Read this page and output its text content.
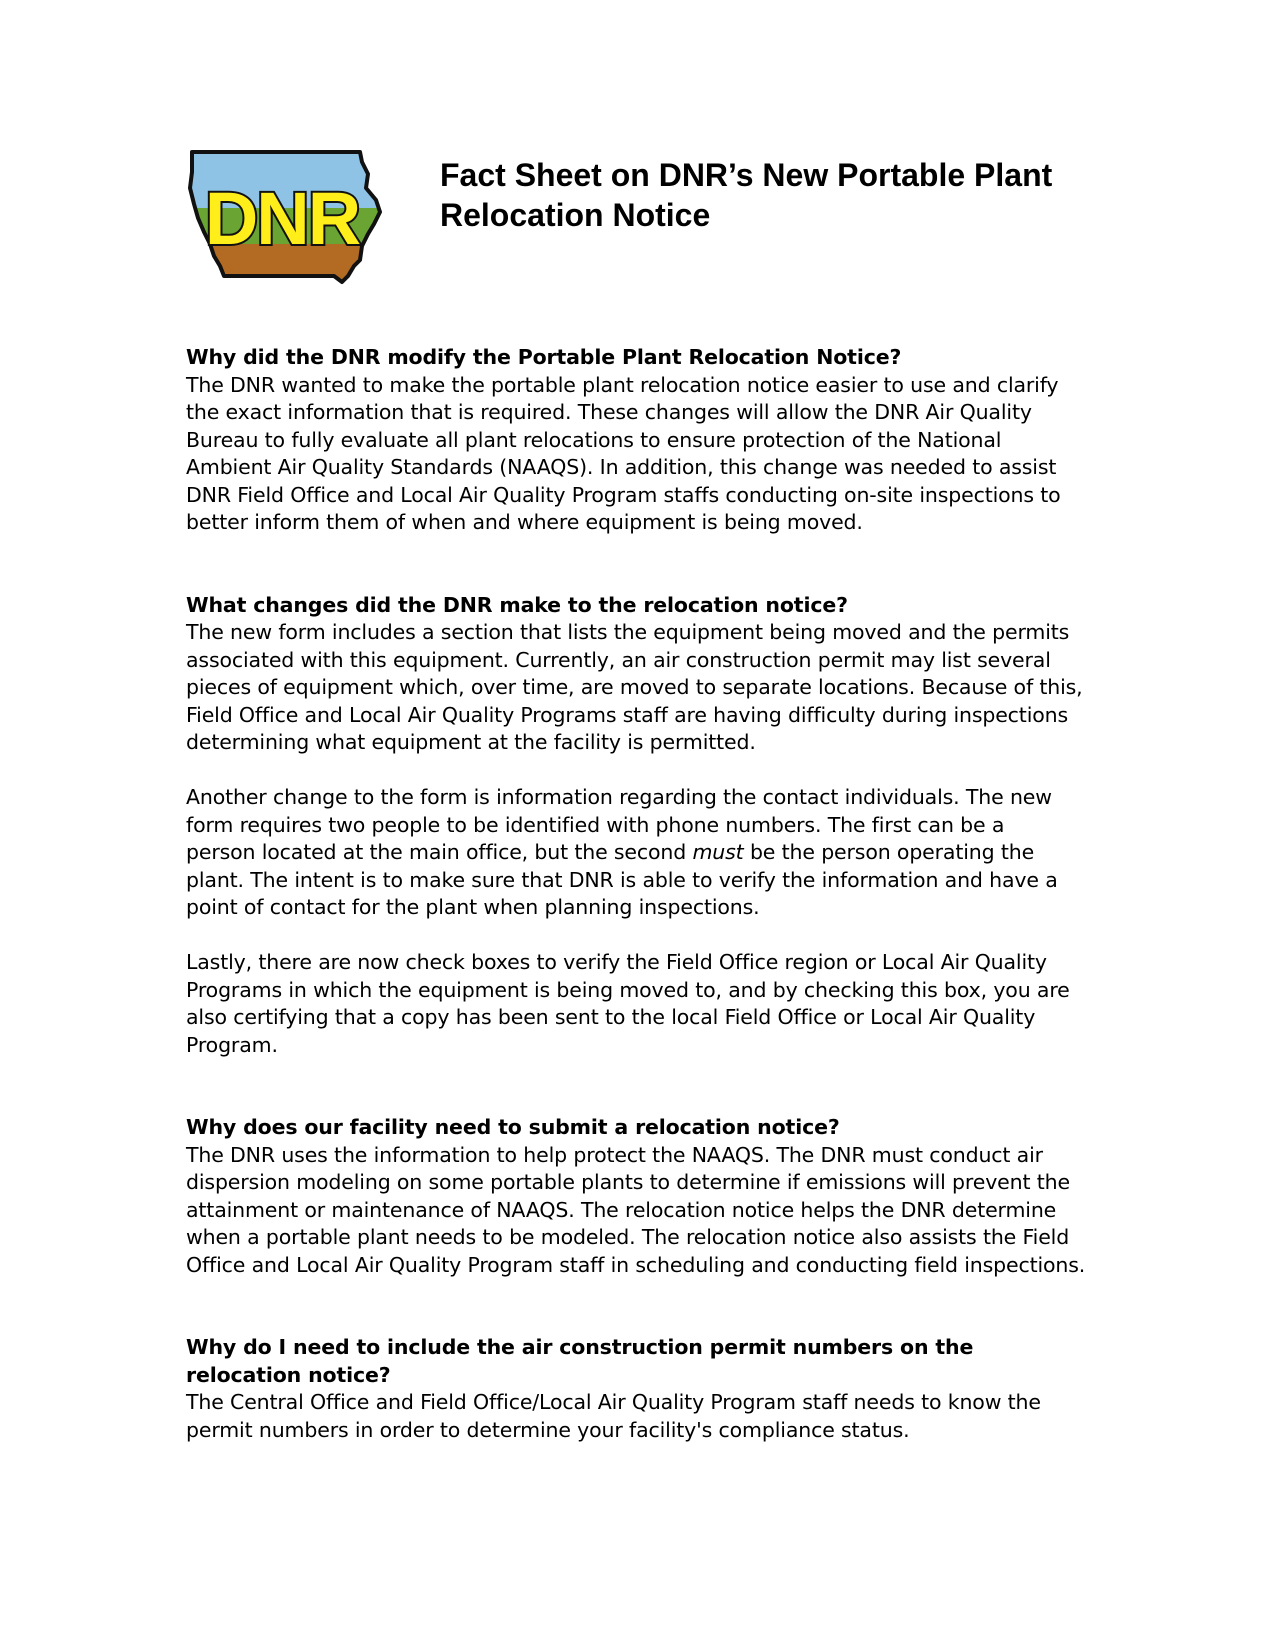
DNR
Fact Sheet on DNR’s New Portable Plant
Relocation Notice
Why did the DNR modify the Portable Plant Relocation Notice?

The DNR wanted to make the portable plant relocation notice easier to use and clarify
the exact information that is required. These changes will allow the DNR Air Quality
Bureau to fully evaluate all plant relocations to ensure protection of the National
Ambient Air Quality Standards (NAAQS). In addition, this change was needed to assist
DNR Field Office and Local Air Quality Program staffs conducting on-site inspections to
better inform them of when and where equipment is being moved.

What changes did the DNR make to the relocation notice?

The new form includes a section that lists the equipment being moved and the permits
associated with this equipment. Currently, an air construction permit may list several
pieces of equipment which, over time, are moved to separate locations. Because of this,
Field Office and Local Air Quality Programs staff are having difficulty during inspections
determining what equipment at the facility is permitted.

Another change to the form is information regarding the contact individuals. The new
form requires two people to be identified with phone numbers. The first can be a
person located at the main office, but the second must be the person operating the
plant. The intent is to make sure that DNR is able to verify the information and have a
point of contact for the plant when planning inspections.

Lastly, there are now check boxes to verify the Field Office region or Local Air Quality
Programs in which the equipment is being moved to, and by checking this box, you are
also certifying that a copy has been sent to the local Field Office or Local Air Quality
Program.

Why does our facility need to submit a relocation notice?

The DNR uses the information to help protect the NAAQS. The DNR must conduct air
dispersion modeling on some portable plants to determine if emissions will prevent the
attainment or maintenance of NAAQS. The relocation notice helps the DNR determine
when a portable plant needs to be modeled. The relocation notice also assists the Field
Office and Local Air Quality Program staff in scheduling and conducting field inspections.

Why do I need to include the air construction permit numbers on the
relocation notice?

The Central Office and Field Office/Local Air Quality Program staff needs to know the
permit numbers in order to determine your facility's compliance status.
